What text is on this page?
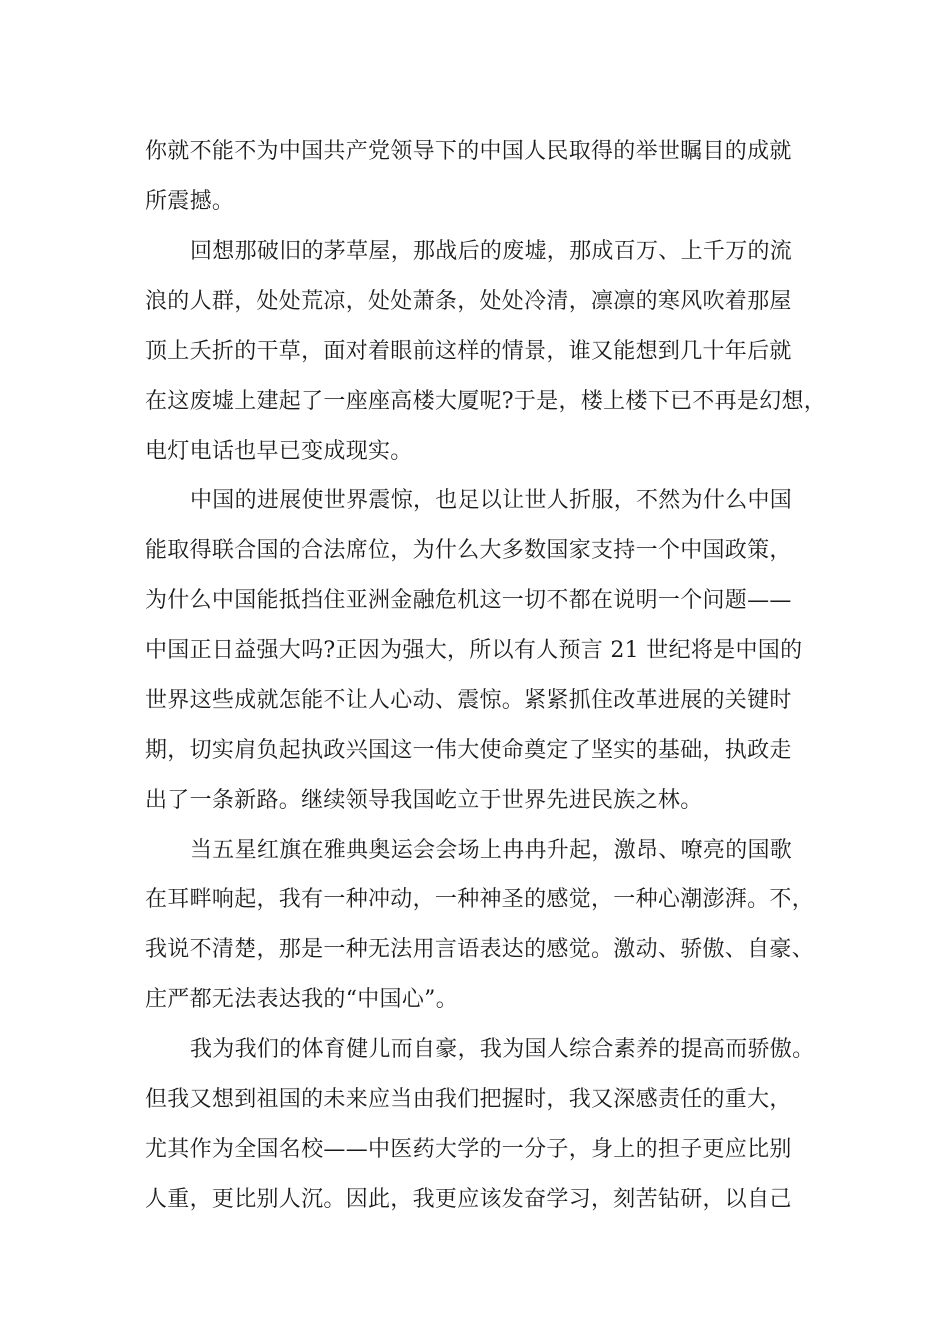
你就不能不为中国共产党领导下的中国人民取得的举世瞩目的成就
所震撼。
回想那破旧的茅草屋，那战后的废墟，那成百万、上千万的流
浪的人群，处处荒凉，处处萧条，处处冷清，凛凛的寒风吹着那屋
顶上夭折的干草，面对着眼前这样的情景，谁又能想到几十年后就
在这废墟上建起了一座座高楼大厦呢?于是，楼上楼下已不再是幻想，
电灯电话也早已变成现实。
中国的进展使世界震惊，也足以让世人折服，不然为什么中国
能取得联合国的合法席位，为什么大多数国家支持一个中国政策，
为什么中国能抵挡住亚洲金融危机这一切不都在说明一个问题——
中国正日益强大吗?正因为强大，所以有人预言 21 世纪将是中国的
世界这些成就怎能不让人心动、震惊。紧紧抓住改革进展的关键时
期，切实肩负起执政兴国这一伟大使命奠定了坚实的基础，执政走
出了一条新路。继续领导我国屹立于世界先进民族之林。
当五星红旗在雅典奥运会会场上冉冉升起，激昂、嘹亮的国歌
在耳畔响起，我有一种冲动，一种神圣的感觉，一种心潮澎湃。不，
我说不清楚，那是一种无法用言语表达的感觉。激动、骄傲、自豪、
庄严都无法表达我的“中国心”。
我为我们的体育健儿而自豪，我为国人综合素养的提高而骄傲。
但我又想到祖国的未来应当由我们把握时，我又深感责任的重大，
尤其作为全国名校——中医药大学的一分子，身上的担子更应比别
人重，更比别人沉。因此，我更应该发奋学习，刻苦钻研，以自己
